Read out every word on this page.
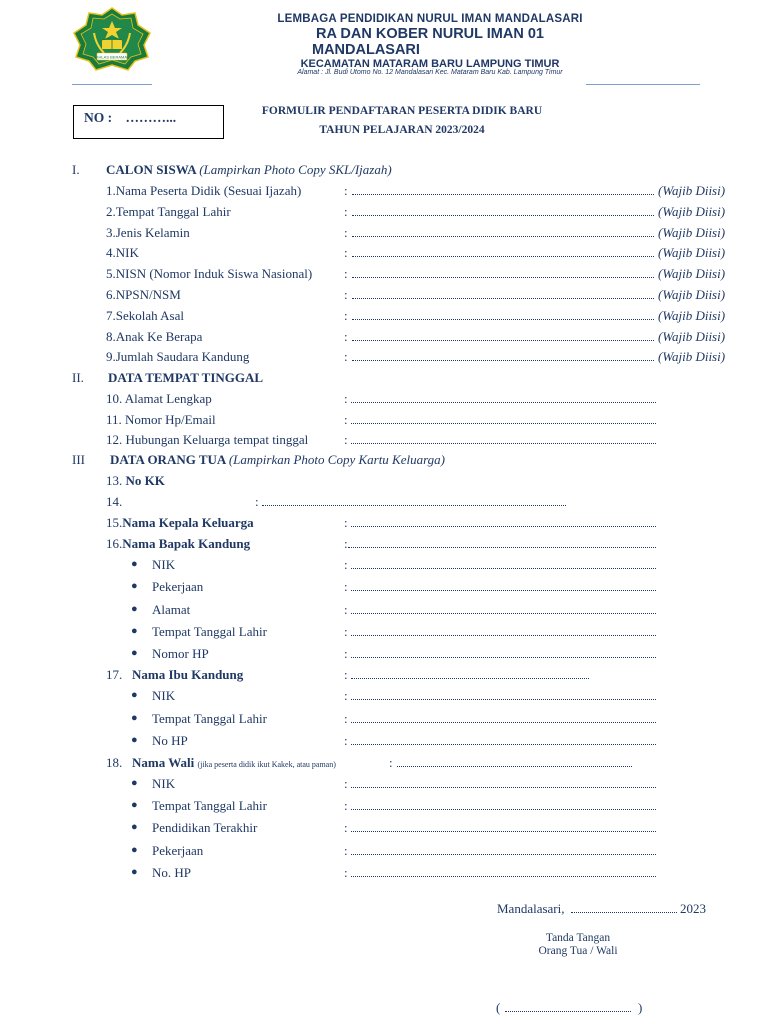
IKHLAS BERAMAL
LEMBAGA PENDIDIKAN NURUL IMAN MANDALASARI
RA DAN KOBER NURUL IMAN 01
MANDALASARI
KECAMATAN MATARAM BARU LAMPUNG TIMUR
Alamat : Jl. Budi Utomo No. 12 Mandalasari Kec. Mataram Baru Kab. Lampung Timur
NO : ………...	FORMULIR PENDAFTARAN PESERTA DIDIK BARU
TAHUN PELAJARAN 2023/2024
I. CALON SISWA (Lampirkan Photo Copy SKL/Ijazah)
1.Nama Peserta Didik (Sesuai Ijazah)	:	(Wajib Diisi)
2.Tempat Tanggal Lahir	:	(Wajib Diisi)
3.Jenis Kelamin	:	(Wajib Diisi)
4.NIK	:	(Wajib Diisi)
5.NISN (Nomor Induk Siswa Nasional) :	(Wajib Diisi)
6.NPSN/NSM	:	(Wajib Diisi)
7.Sekolah Asal	:	(Wajib Diisi)
8.Anak Ke Berapa	:	(Wajib Diisi)
9.Jumlah Saudara Kandung	:	(Wajib Diisi)
II. DATA TEMPAT TINGGAL
10. Alamat Lengkap	:
11. Nomor Hp/Email	:
12. Hubungan Keluarga tempat tinggal	:
III DATA ORANG TUA (Lampirkan Photo Copy Kartu Keluarga)
13. No KK
14.	:
15.Nama Kepala Keluarga	:
16.Nama Bapak Kandung	:
● NIK	:
● Pekerjaan	:
● Alamat	:
● Tempat Tanggal Lahir	:
● Nomor HP	:
17. Nama Ibu Kandung	:
● NIK	:
● Tempat Tanggal Lahir	:
● No HP	:
18. Nama Wali (jika peserta didik ikut Kakek, atau paman)	:
● NIK	:
● Tempat Tanggal Lahir	:
● Pendidikan Terakhir	:
● Pekerjaan	:
● No. HP	:
Mandalasari,	2023
Tanda Tangan
Orang Tua / Wali
(	)
